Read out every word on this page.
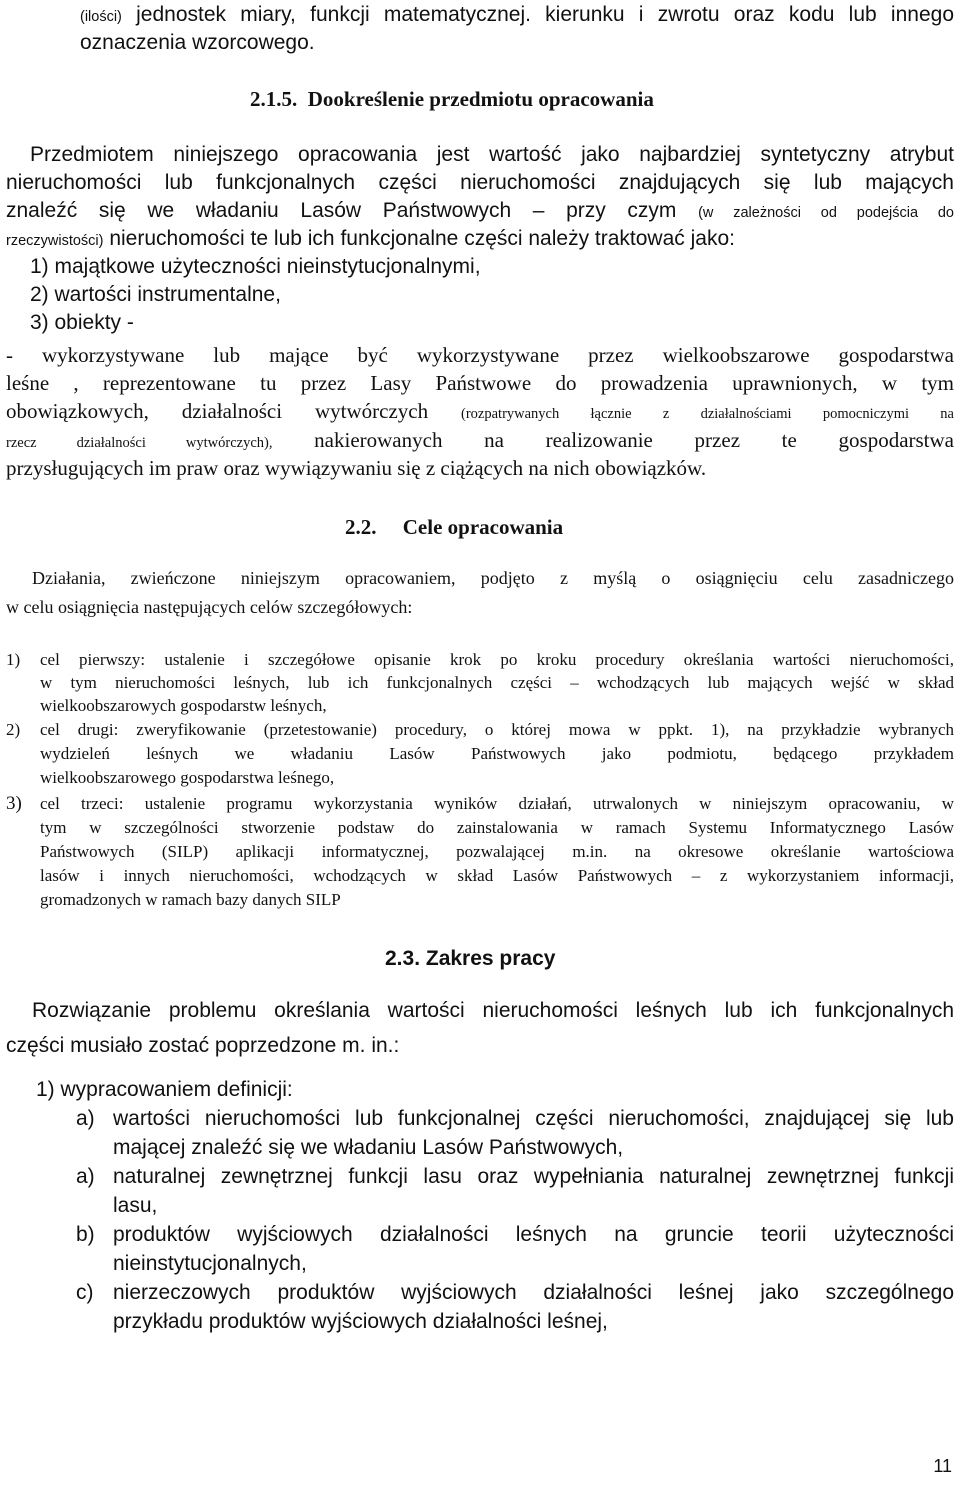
(ilości) jednostek miary, funkcji matematycznej. kierunku i zwrotu oraz kodu lub innego
oznaczenia wzorcowego.
2.1.5. Dookreślenie przedmiotu opracowania
Przedmiotem niniejszego opracowania jest wartość jako najbardziej syntetyczny atrybut
nieruchomości lub funkcjonalnych części nieruchomości znajdujących się lub mających
znaleźć się we władaniu Lasów Państwowych – przy czym (w zależności od podejścia do
rzeczywistości) nieruchomości te lub ich funkcjonalne części należy traktować jako:
1) majątkowe użyteczności nieinstytucjonalnymi,
2) wartości instrumentalne,
3) obiekty -
- wykorzystywane lub mające być wykorzystywane przez wielkoobszarowe gospodarstwa
leśne , reprezentowane tu przez Lasy Państwowe do prowadzenia uprawnionych, w tym
obowiązkowych, działalności wytwórczych (rozpatrywanych łącznie z działalnościami pomocniczymi na
rzecz działalności wytwórczych), nakierowanych na realizowanie przez te gospodarstwa
przysługujących im praw oraz wywiązywaniu się z ciążących na nich obowiązków.
2.2. Cele opracowania
Działania, zwieńczone niniejszym opracowaniem, podjęto z myślą o osiągnięciu celu zasadniczego
w celu osiągnięcia następujących celów szczegółowych:
1)	cel pierwszy: ustalenie i szczegółowe opisanie krok po kroku procedury określania wartości nieruchomości,
w tym nieruchomości leśnych, lub ich funkcjonalnych części – wchodzących lub mających wejść w skład
wielkoobszarowych gospodarstw leśnych,
2)	cel drugi: zweryfikowanie (przetestowanie) procedury, o której mowa w ppkt. 1), na przykładzie wybranych
wydzieleń leśnych we władaniu Lasów Państwowych jako podmiotu, będącego przykładem
wielkoobszarowego gospodarstwa leśnego,
3)	cel trzeci: ustalenie programu wykorzystania wyników działań, utrwalonych w niniejszym opracowaniu, w
tym w szczególności stworzenie podstaw do zainstalowania w ramach Systemu Informatycznego Lasów
Państwowych (SILP) aplikacji informatycznej, pozwalającej m.in. na okresowe określanie wartościowa
lasów i innych nieruchomości, wchodzących w skład Lasów Państwowych – z wykorzystaniem informacji,
gromadzonych w ramach bazy danych SILP
2.3. Zakres pracy
Rozwiązanie problemu określania wartości nieruchomości leśnych lub ich funkcjonalnych
części musiało zostać poprzedzone m. in.:
1) wypracowaniem definicji:
a) wartości nieruchomości lub funkcjonalnej części nieruchomości, znajdującej się lub
mającej znaleźć się we władaniu Lasów Państwowych,
a) naturalnej zewnętrznej funkcji lasu oraz wypełniania naturalnej zewnętrznej funkcji
lasu,
b) produktów wyjściowych działalności leśnych na gruncie teorii użyteczności
nieinstytucjonalnych,
c) nierzeczowych produktów wyjściowych działalności leśnej jako szczególnego
przykładu produktów wyjściowych działalności leśnej,
11
